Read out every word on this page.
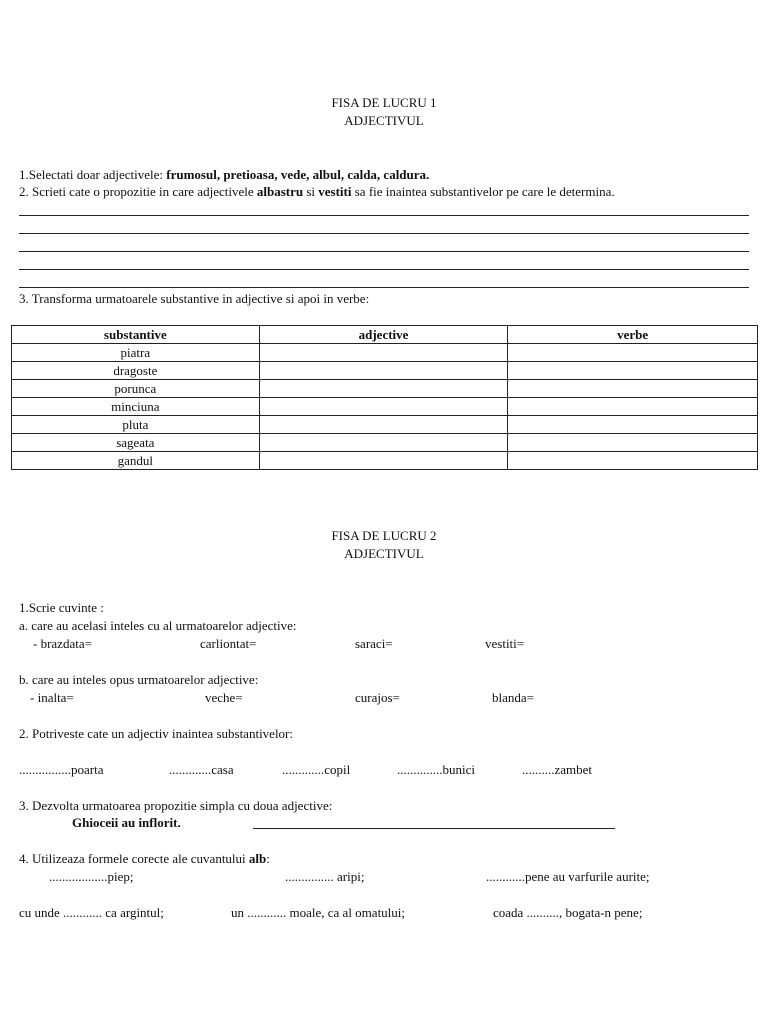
FISA DE LUCRU 1
ADJECTIVUL
1.Selectati doar adjectivele: frumosul, pretioasa, vede, albul, calda, caldura.
2. Scrieti cate o propozitie in care adjectivele albastru si vestiti sa fie inaintea substantivelor pe care le determina.
3. Transforma urmatoarele substantive in adjective si apoi in verbe:
substantive	adjective	verbe
piatra		
dragoste		
porunca		
minciuna		
pluta		
sageata		
gandul		
FISA DE LUCRU 2
ADJECTIVUL
1.Scrie cuvinte :
a. care au acelasi inteles cu al urmatoarelor adjective:
- brazdata=	carliontat=	saraci=	vestiti=
b. care au inteles opus urmatoarelor adjective:
- inalta=	veche=	curajos=	blanda=
2. Potriveste cate un adjectiv inaintea substantivelor:
................poarta	.............casa	.............copil	..............bunici	..........zambet
3. Dezvolta urmatoarea propozitie simpla cu doua adjective:
Ghioceii au inflorit.
4. Utilizeaza formele corecte ale cuvantului alb:
..................piep;	............... aripi;	............pene au varfurile aurite;
cu unde ............ ca argintul;	un ............ moale, ca al omatului;	coada .........., bogata-n pene;
